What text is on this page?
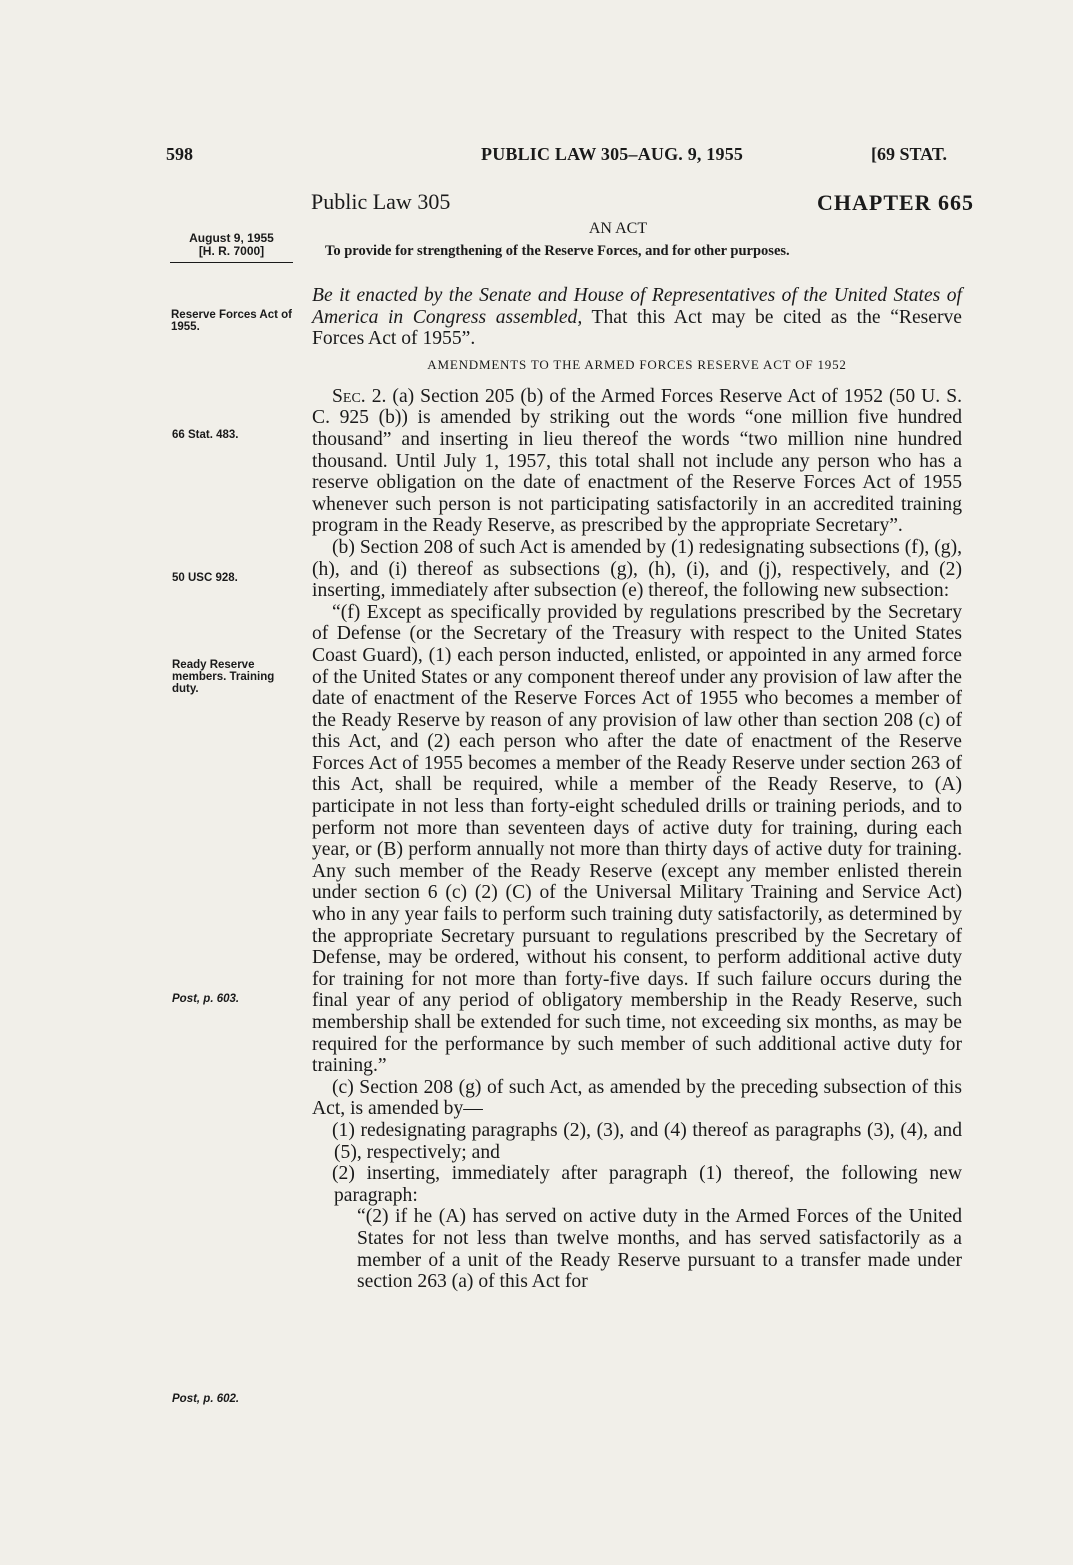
598	PUBLIC LAW 305–AUG. 9, 1955	[69 STAT.
Public Law 305	CHAPTER 665
AN ACT
To provide for strengthening of the Reserve Forces, and for other purposes.
August 9, 1955
[H. R. 7000]
Reserve Forces Act of 1955.
66 Stat. 483.
50 USC 928.
Ready Reserve members. Training duty.
Post, p. 603.
Post, p. 602.

Be it enacted by the Senate and House of Representatives of the United States of America in Congress assembled, That this Act may be cited as the “Reserve Forces Act of 1955”.

AMENDMENTS TO THE ARMED FORCES RESERVE ACT OF 1952

Sec. 2. (a) Section 205 (b) of the Armed Forces Reserve Act of 1952 (50 U. S. C. 925 (b)) is amended by striking out the words “one million five hundred thousand” and inserting in lieu thereof the words “two million nine hundred thousand. Until July 1, 1957, this total shall not include any person who has a reserve obligation on the date of enactment of the Reserve Forces Act of 1955 whenever such person is not participating satisfactorily in an accredited training program in the Ready Reserve, as prescribed by the appropriate Secretary”.

(b) Section 208 of such Act is amended by (1) redesignating subsections (f), (g), (h), and (i) thereof as subsections (g), (h), (i), and (j), respectively, and (2) inserting, immediately after subsection (e) thereof, the following new subsection:

“(f) Except as specifically provided by regulations prescribed by the Secretary of Defense (or the Secretary of the Treasury with respect to the United States Coast Guard), (1) each person inducted, enlisted, or appointed in any armed force of the United States or any component thereof under any provision of law after the date of enactment of the Reserve Forces Act of 1955 who becomes a member of the Ready Reserve by reason of any provision of law other than section 208 (c) of this Act, and (2) each person who after the date of enactment of the Reserve Forces Act of 1955 becomes a member of the Ready Reserve under section 263 of this Act, shall be required, while a member of the Ready Reserve, to (A) participate in not less than forty-eight scheduled drills or training periods, and to perform not more than seventeen days of active duty for training, during each year, or (B) perform annually not more than thirty days of active duty for training. Any such member of the Ready Reserve (except any member enlisted therein under section 6 (c) (2) (C) of the Universal Military Training and Service Act) who in any year fails to perform such training duty satisfactorily, as determined by the appropriate Secretary pursuant to regulations prescribed by the Secretary of Defense, may be ordered, without his consent, to perform additional active duty for training for not more than forty-five days. If such failure occurs during the final year of any period of obligatory membership in the Ready Reserve, such membership shall be extended for such time, not exceeding six months, as may be required for the performance by such member of such additional active duty for training.”

(c) Section 208 (g) of such Act, as amended by the preceding subsection of this Act, is amended by—

(1) redesignating paragraphs (2), (3), and (4) thereof as paragraphs (3), (4), and (5), respectively; and

(2) inserting, immediately after paragraph (1) thereof, the following new paragraph:

“(2) if he (A) has served on active duty in the Armed Forces of the United States for not less than twelve months, and has served satisfactorily as a member of a unit of the Ready Reserve pursuant to a transfer made under section 263 (a) of this Act for
